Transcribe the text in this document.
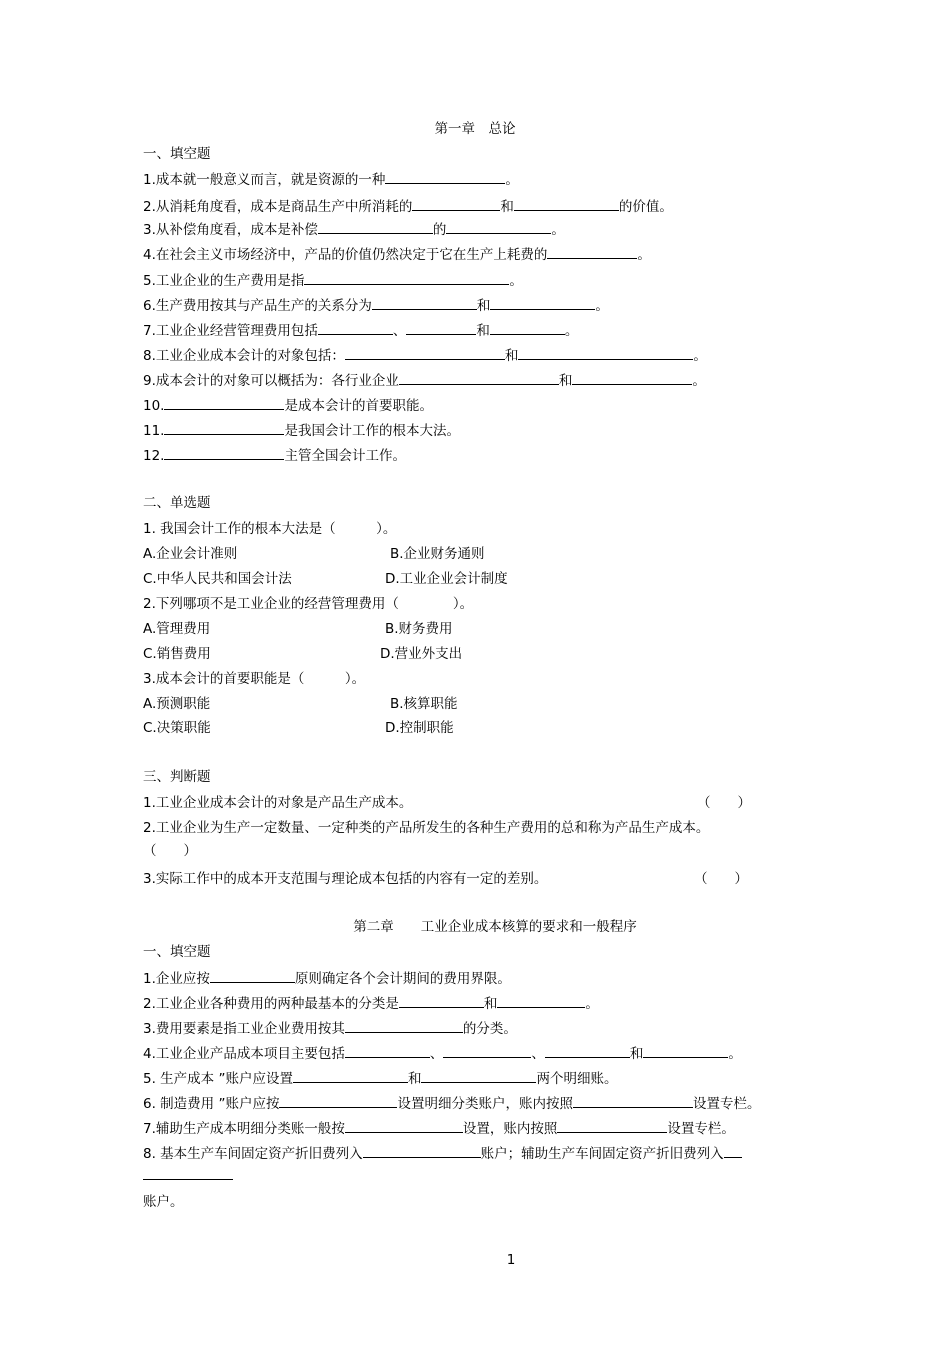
第一章　总论
一、填空题
1.成本就一般意义而言，就是资源的一种	。
2.从消耗角度看，成本是商品生产中所消耗的	和	的价值。
3.从补偿角度看，成本是补偿	的	。
4.在社会主义市场经济中，产品的价值仍然决定于它在生产上耗费的	。
5.工业企业的生产费用是指	。
6.生产费用按其与产品生产的关系分为	和	。
7.工业企业经营管理费用包括	、	和	。
8.工业企业成本会计的对象包括：	和	。
9.成本会计的对象可以概括为：各行业企业	和	。
10.	是成本会计的首要职能。
11.	是我国会计工作的根本大法。
12.	主管全国会计工作。
二、单选题
1. 我国会计工作的根本大法是（　　　）。
A.企业会计准则	B.企业财务通则
C.中华人民共和国会计法	D.工业企业会计制度
2.下列哪项不是工业企业的经营管理费用（　　　　）。
A.管理费用	B.财务费用
C.销售费用	D.营业外支出
3.成本会计的首要职能是（　　　）。
A.预测职能	B.核算职能
C.决策职能	D.控制职能
三、判断题
1.工业企业成本会计的对象是产品生产成本。	（　　）
2.工业企业为生产一定数量、一定种类的产品所发生的各种生产费用的总和称为产品生产成本。
（　　）
3.实际工作中的成本开支范围与理论成本包括的内容有一定的差别。	（　　）
第二章　　工业企业成本核算的要求和一般程序
一、填空题
1.企业应按	原则确定各个会计期间的费用界限。
2.工业企业各种费用的两种最基本的分类是	和	。
3.费用要素是指工业企业费用按其	的分类。
4.工业企业产品成本项目主要包括	、	、	和	。
5. 生产成本 ”账户应设置	和	两个明细账。
6. 制造费用 ”账户应按	设置明细分类账户，账内按照	设置专栏。
7.辅助生产成本明细分类账一般按	设置，账内按照	设置专栏。
8. 基本生产车间固定资产折旧费列入	账户；辅助生产车间固定资产折旧费列入
账户。
1
